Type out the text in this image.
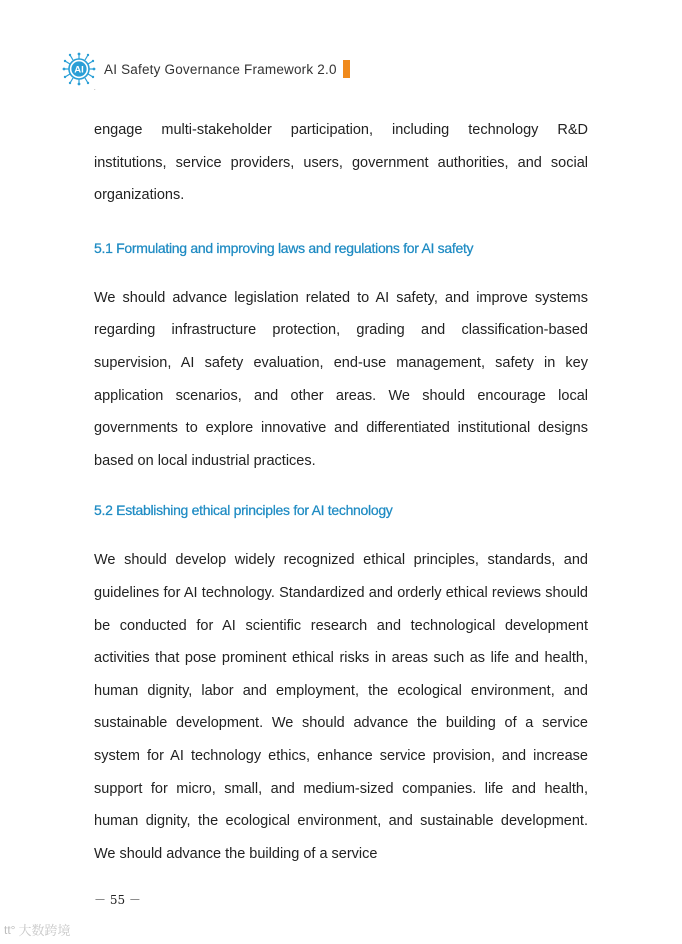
AI AI Safety Governance Framework 2.0
.

engage multi-stakeholder participation, including technology R&D institutions, service providers, users, government authorities, and social organizations.

5.1 Formulating and improving laws and regulations for AI safety

We should advance legislation related to AI safety, and improve systems regarding infrastructure protection, grading and classification-based supervision, AI safety evaluation, end-use management, safety in key application scenarios, and other areas. We should encourage local governments to explore innovative and differentiated institutional designs based on local industrial practices.

5.2 Establishing ethical principles for AI technology

We should develop widely recognized ethical principles, standards, and guidelines for AI technology. Standardized and orderly ethical reviews should be conducted for AI scientific research and technological development activities that pose prominent ethical risks in areas such as life and health, human dignity, labor and employment, the ecological environment, and sustainable development. We should advance the building of a service system for AI technology ethics, enhance service provision, and increase support for micro, small, and medium-sized companies. life and health, human dignity, the ecological environment, and sustainable development. We should advance the building of a service

－ 55 －
tt° 大数跨境
